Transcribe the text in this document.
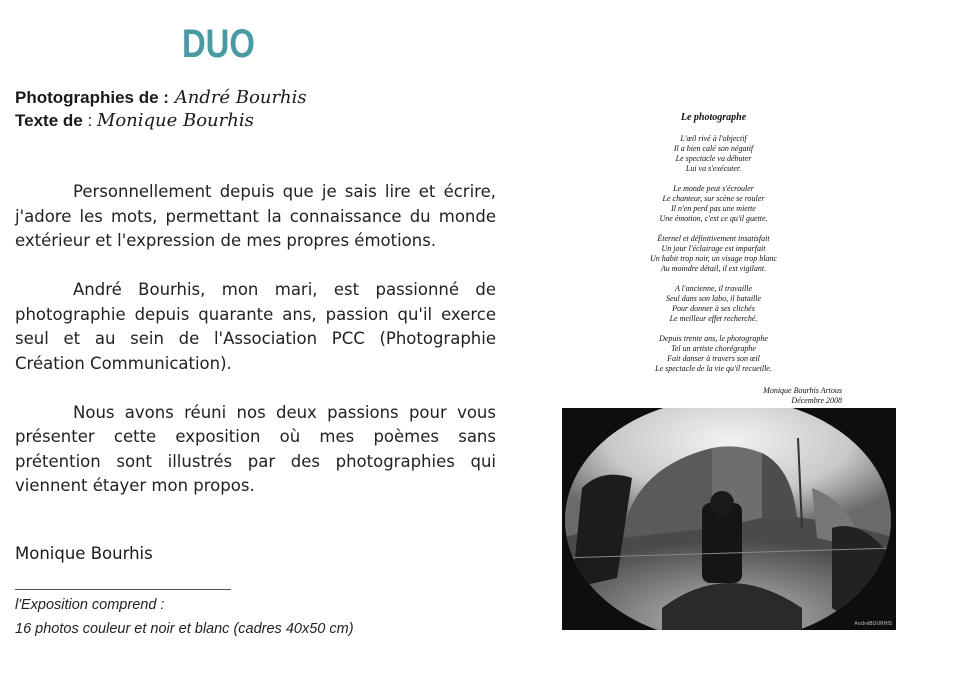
DUO
Photographies de : André Bourhis
Texte de : Monique Bourhis

Personnellement depuis que je sais lire et écrire, j'adore les mots, permettant la connaissance du monde extérieur et l'expression de mes propres émotions.

André Bourhis, mon mari, est passionné de photographie depuis quarante ans, passion qu'il exerce seul et au sein de l'Association PCC (Photographie Création Communication).

Nous avons réuni nos deux passions pour vous présenter cette exposition où mes poèmes sans prétention sont illustrés par des photographies qui viennent étayer mon propos.

Monique Bourhis
l'Exposition comprend :
16 photos couleur et noir et blanc (cadres 40x50 cm)
Le photographe
L'œil rivé à l'objectif
Il a bien calé son négatif
Le spectacle va débuter
Lui va s'exécuter.
Le monde peut s'écrouler
Le chanteur, sur scène se rouler
Il n'en perd pas une miette
Une émotion, c'est ce qu'il guette.
Éternel et définitivement insatisfait
Un jour l'éclairage est imparfait
Un habit trop noir, un visage trop blanc
Au moindre détail, il est vigilant.
A l'ancienne, il travaille
Seul dans son labo, il bataille
Pour donner à ses clichés
Le meilleur effet recherché.
Depuis trente ans, le photographe
Tel un artiste chorégraphe
Fait danser à travers son œil
Le spectacle de la vie qu'il recueille.
Monique Bourhis Artous
Décembre 2008
AndréBOURHIS
